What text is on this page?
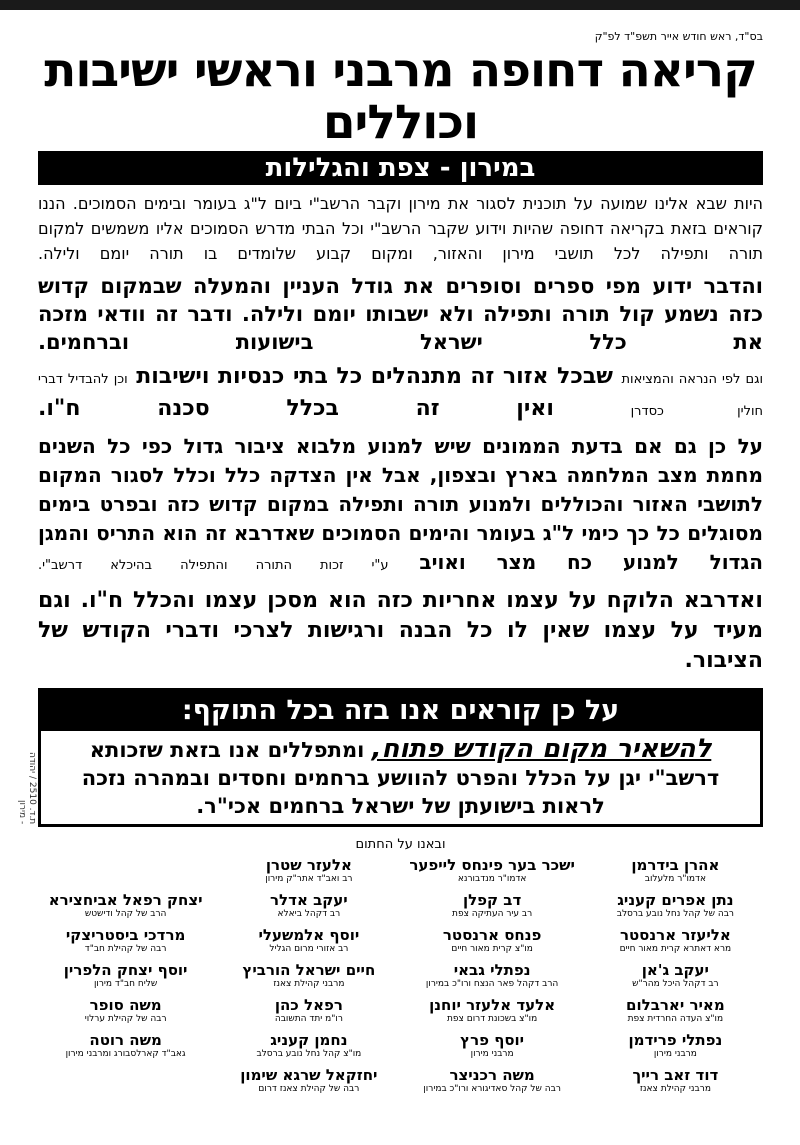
בס"ד, ראש חודש אייר תשפ"ד לפ"ק
קריאה דחופה מרבני וראשי ישיבות וכוללים
במירון - צפת והגלילות

היות שבא אלינו שמועה על תוכנית לסגור את מירון וקבר הרשב"י ביום ל"ג בעומר ובימים הסמוכים. הננו קוראים בזאת בקריאה דחופה שהיות וידוע שקבר הרשב"י וכל הבתי מדרש הסמוכים אליו משמשים למקום תורה ותפילה לכל תושבי מירון והאזור, ומקום קבוע שלומדים בו תורה יומם ולילה.

והדבר ידוע מפי ספרים וסופרים את גודל העניין והמעלה שבמקום קדוש כזה נשמע קול תורה ותפילה ולא ישבותו יומם ולילה. ודבר זה וודאי מזכה את כלל ישראל בישועות וברחמים.

וגם לפי הנראה והמציאות שבכל אזור זה מתנהלים כל בתי כנסיות וישיבות וכן להבדיל דברי חולין כסדרן ואין זה בכלל סכנה ח"ו.

על כן גם אם בדעת הממונים שיש למנוע מלבוא ציבור גדול כפי כל השנים מחמת מצב המלחמה בארץ ובצפון, אבל אין הצדקה כלל וכלל לסגור המקום לתושבי האזור והכוללים ולמנוע תורה ותפילה במקום קדוש כזה ובפרט בימים מסוגלים כל כך כימי ל"ג בעומר והימים הסמוכים שאדרבא זה הוא התריס והמגן הגדול למנוע כח מצר ואויב ע"י זכות התורה והתפילה בהיכלא דרשב"י.

ואדרבא הלוקח על עצמו אחריות כזה הוא מסכן עצמו והכלל ח"ו. וגם מעיד על עצמו שאין לו כל הבנה ורגישות לצרכי ודברי הקודש של הציבור.

על כן קוראים אנו בזה בכל התוקף:
להשאיר מקום הקודש פתוח, ומתפללים אנו בזאת שזכותא דרשב"י יגן על הכלל והפרט להוושע ברחמים וחסדים ובמהרה נזכה לראות בישועתן של ישראל ברחמים אכי"ר.
ת.ד. 2510 / יהודה - מירון
ובאנו על החתום
אהרן בידרמן
אדמו"ר מלעלוב
ישכר בער פינחס לייפער
אדמו"ר מנדבורנא
אלעזר שטרן
רב ואב"ד אתר"ק מירון
נתן אפרים קעניג
רבה של קהל נחל נובע ברסלב
דב קפלן
רב עיר העתיקה צפת
יעקב אדלר
רב דקהל ביאלא
יצחק רפאל אביחצירא
הרב של קהל ודישטש
אליעזר ארנסטר
מרא דאתרא קרית מאור חיים
פנחס ארנסטר
מו"צ קרית מאור חיים
יוסף אלמשעלי
רב אזורי מרום הגליל
מרדכי ביסטריצקי
רבה של קהילת חב"ד
יעקב ג'אן
רב דקהל היכל מהר"ש
נפתלי גבאי
הרב דקהל פאר הנצח ורו"כ במירון
חיים ישראל הורביץ
מרבני קהילת צאנז
יוסף יצחק הלפרין
שליח חב"ד מירון
מאיר יארבלום
מו"צ העדה החרדית צפת
אלעד אלעזר יוחנן
מו"צ בשכונת דרום צפת
רפאל כהן
רו"מ יתד התשובה
משה סופר
רבה של קהילת ערלוי
נפתלי פרידמן
מרבני מירון
יוסף פרץ
מרבני מירון
נחמן קעניג
מו"צ קהל נחל נובע ברסלב
משה רוטה
גאב"ד קארלסבורג ומרבני מירון
דוד זאב רייך
מרבני קהילת צאנז
משה רכניצר
רבה של קהל סאדיגורא ורו"כ במירון
יחזקאל שרגא שימון
רבה של קהילת צאנז דרום
